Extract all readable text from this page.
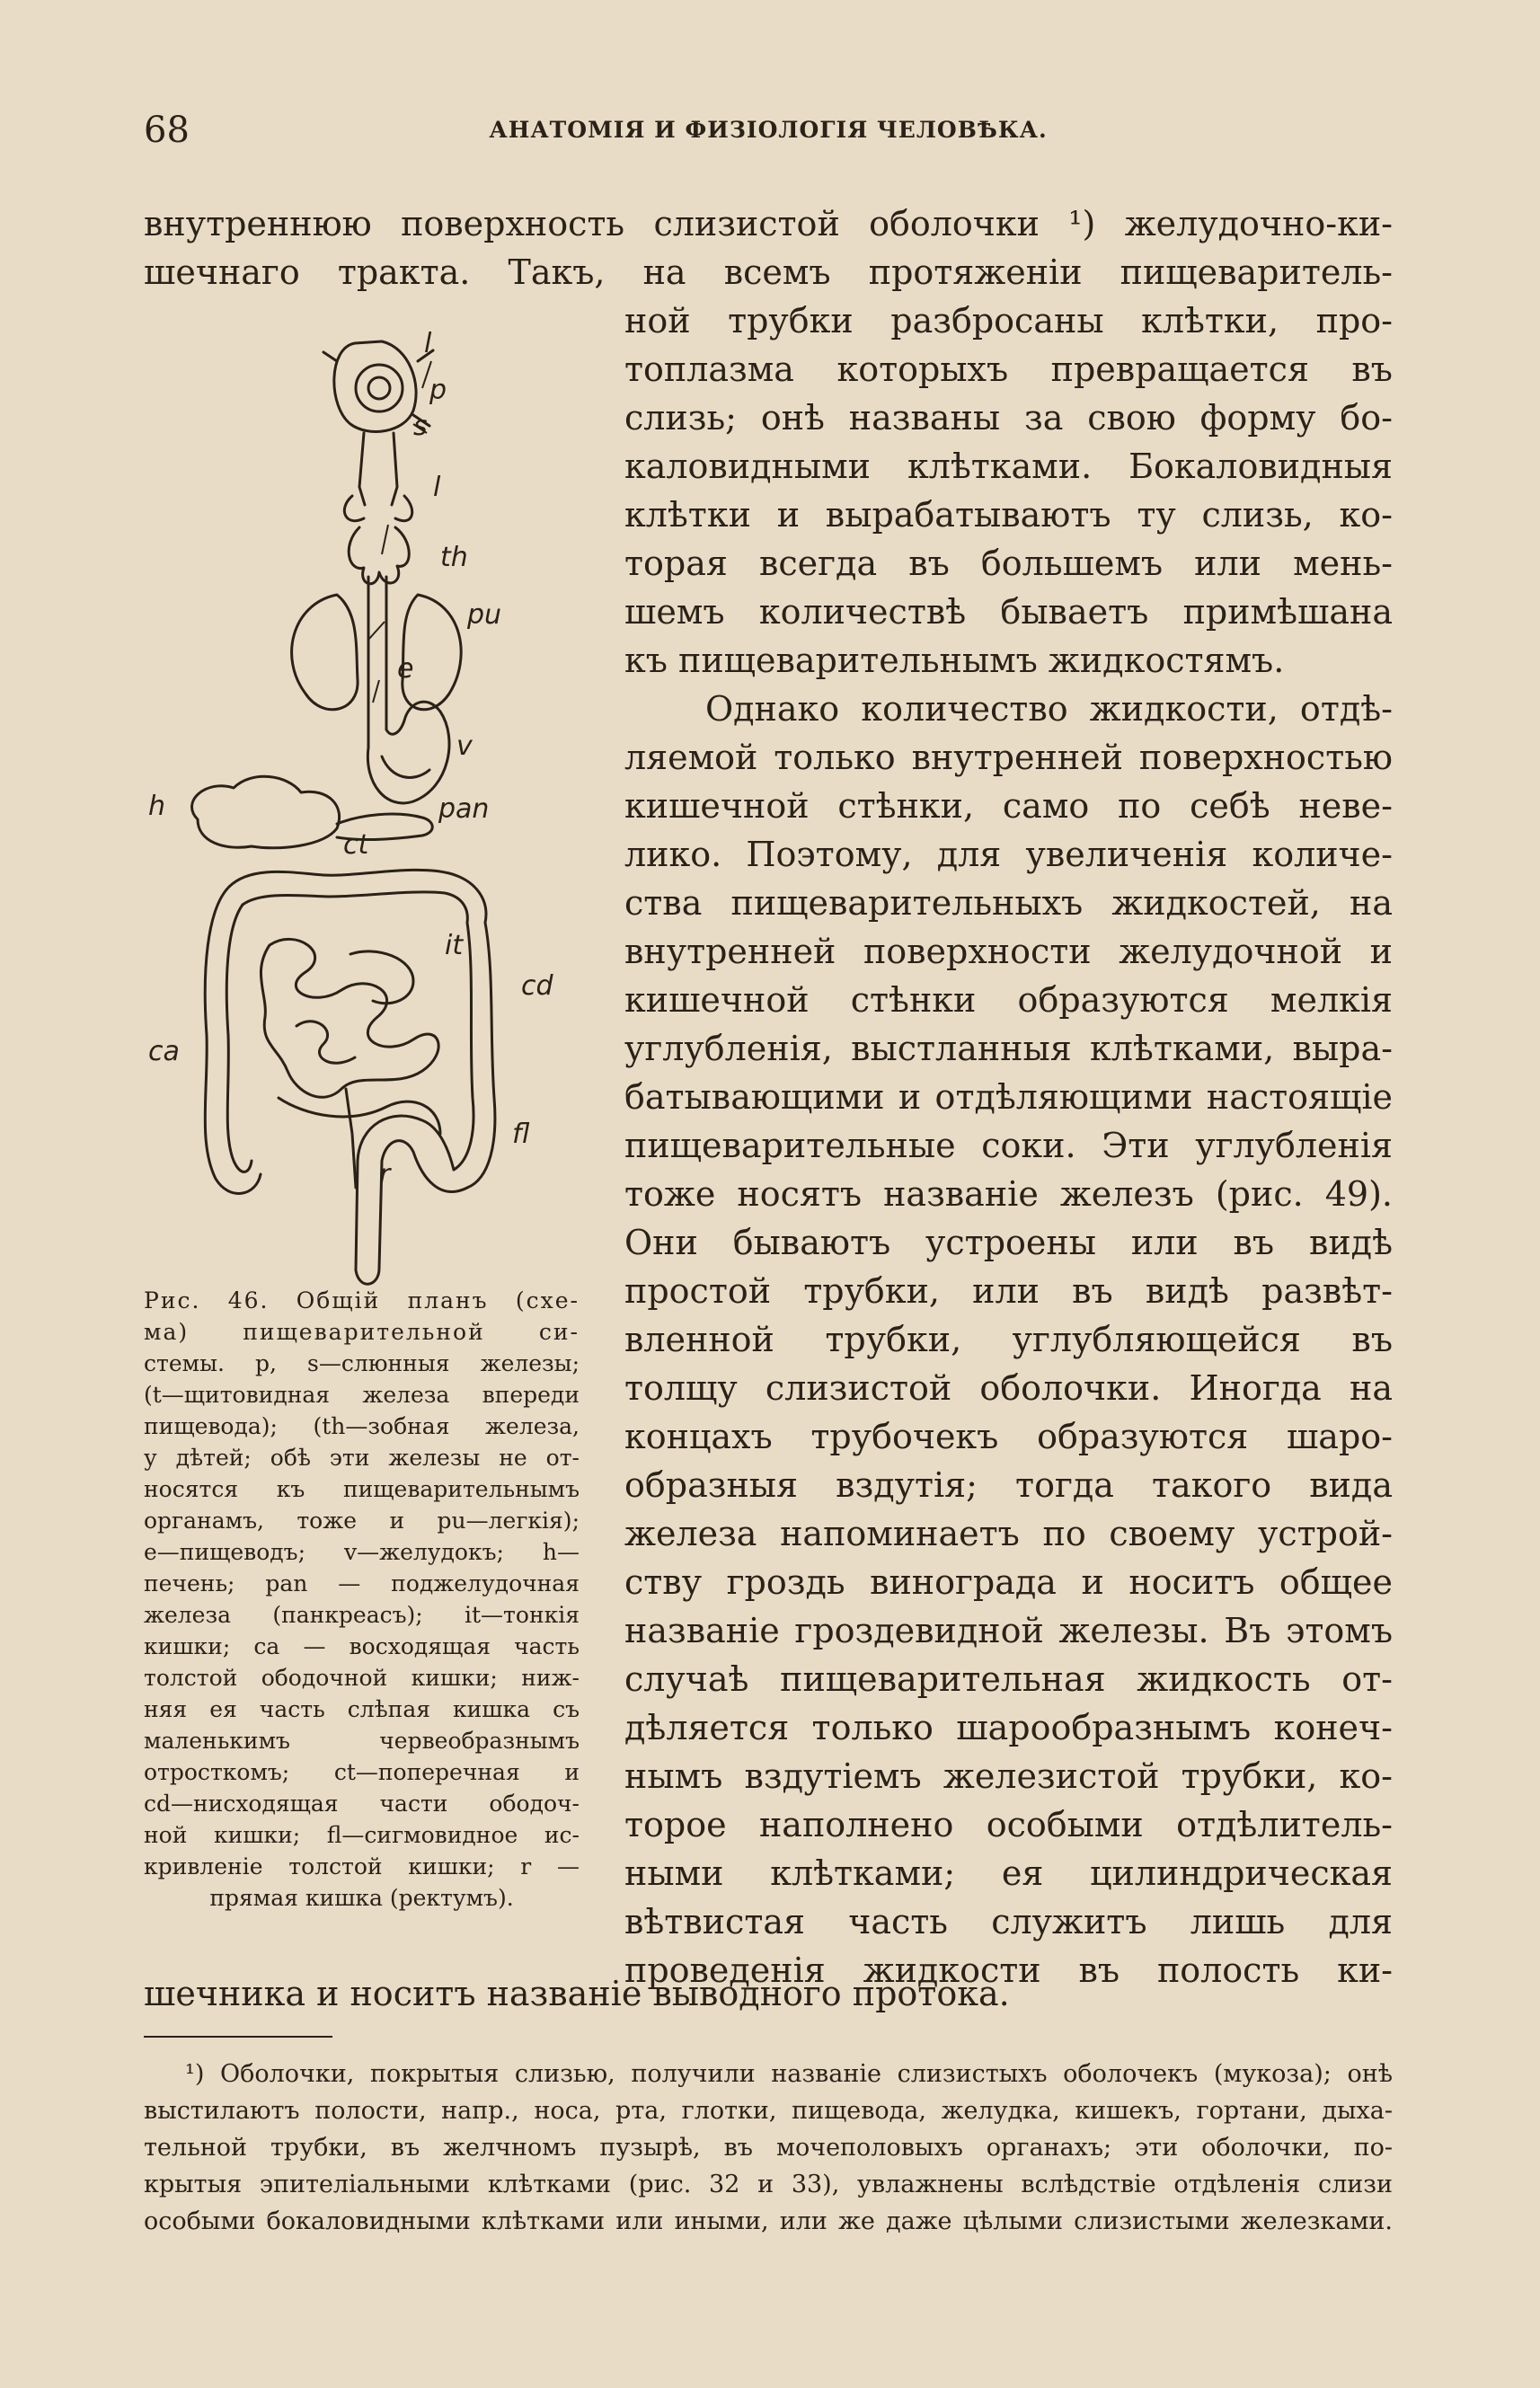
68	АНАТОМІЯ И ФИЗІОЛОГІЯ ЧЕЛОВѢКА.
внутреннюю поверхность слизистой оболочки ¹) желудочно-ки-
шечнаго тракта. Такъ, на всемъ протяженіи пищеваритель-
ной трубки разбросаны клѣтки, про-
топлазма которыхъ превращается въ
слизь; онѣ названы за свою форму бо-
каловидными клѣтками. Бокаловидныя
клѣтки и вырабатываютъ ту слизь, ко-
торая всегда въ большемъ или мень-
шемъ количествѣ бываетъ примѣшана
къ пищеварительнымъ жидкостямъ.
Однако количество жидкости, отдѣ-
ляемой только внутренней поверхностью
кишечной стѣнки, само по себѣ неве-
лико. Поэтому, для увеличенія количе-
ства пищеварительныхъ жидкостей, на
внутренней поверхности желудочной и
кишечной стѣнки образуются мелкія
углубленія, выстланныя клѣтками, выра-
батывающими и отдѣляющими настоящіе
пищеварительные соки. Эти углубленія
тоже носятъ названіе железъ (рис. 49).
Они бываютъ устроены или въ видѣ
простой трубки, или въ видѣ развѣт-
вленной трубки, углубляющейся въ
толщу слизистой оболочки. Иногда на
концахъ трубочекъ образуются шаро-
образныя вздутія; тогда такого вида
железа напоминаетъ по своему устрой-
ству гроздь винограда и носитъ общее
названіе гроздевидной железы. Въ этомъ
случаѣ пищеварительная жидкость от-
дѣляется только шарообразнымъ конеч-
нымъ вздутіемъ железистой трубки, ко-
торое наполнено особыми отдѣлитель-
ными клѣтками; ея цилиндрическая
вѣтвистая часть служитъ лишь для
проведенія жидкости въ полость ки-
шечника и носитъ названіе выводного протока.
l
p
s
l
th
pu
e
v
h	pan
ct
it
cd
ca
fl
r
Рис. 46. Общій планъ (схе-
ма) пищеварительной си-
стемы. p, s—слюнныя железы;
(t—щитовидная железа впереди
пищевода); (th—зобная железа,
у дѣтей; обѣ эти железы не от-
носятся къ пищеварительнымъ
органамъ, тоже и pu—легкія);
e—пищеводъ; v—желудокъ; h—
печень; pan — поджелудочная
железа (панкреасъ); it—тонкія
кишки; ca — восходящая часть
толстой ободочной кишки; ниж-
няя ея часть слѣпая кишка съ
маленькимъ червеобразнымъ
отросткомъ; ct—поперечная и
cd—нисходящая части ободоч-
ной кишки; fl—сигмовидное ис-
кривленіе толстой кишки; r —
прямая кишка (ректумъ).
¹) Оболочки, покрытыя слизью, получили названіе слизистыхъ оболочекъ (мукоза); онѣ
выстилаютъ полости, напр., носа, рта, глотки, пищевода, желудка, кишекъ, гортани, дыха-
тельной трубки, въ желчномъ пузырѣ, въ мочеполовыхъ органахъ; эти оболочки, по-
крытыя эпителіальными клѣтками (рис. 32 и 33), увлажнены вслѣдствіе отдѣленія слизи
особыми бокаловидными клѣтками или иными, или же даже цѣлыми слизистыми железками.
